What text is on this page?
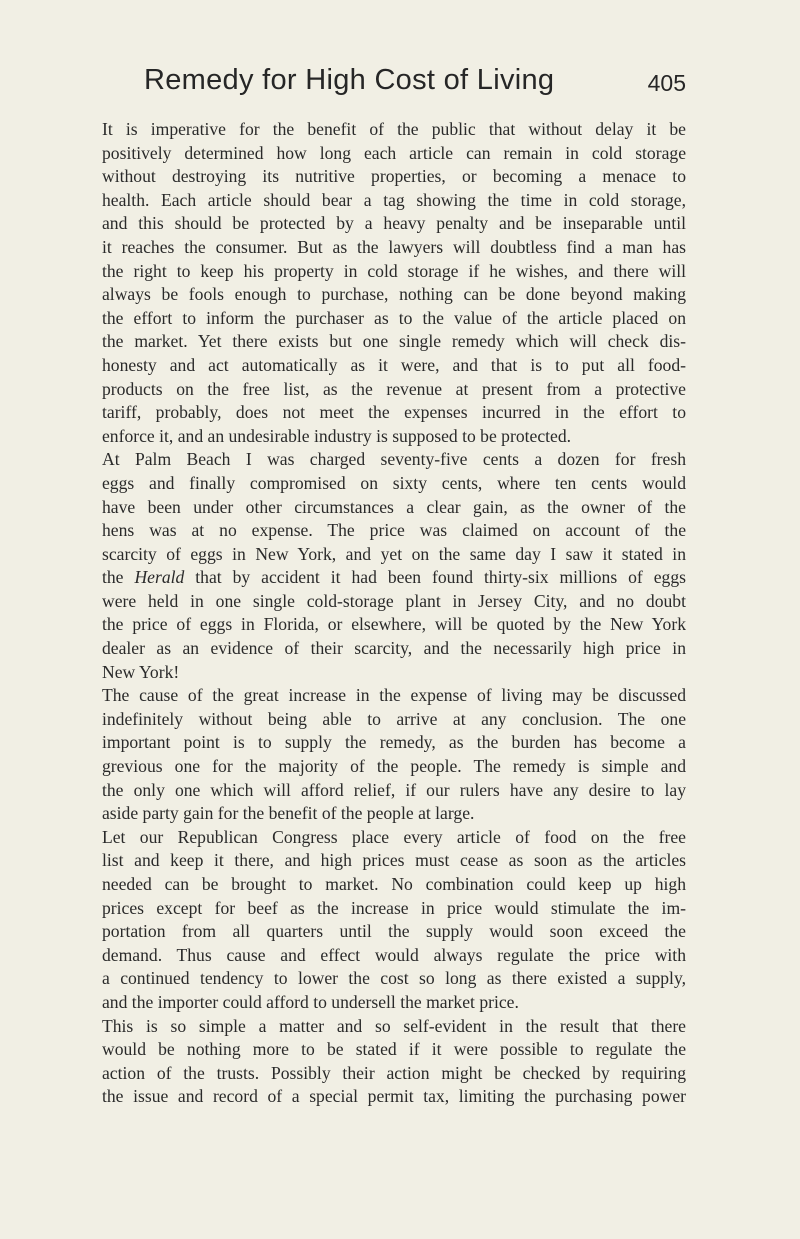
Remedy for High Cost of Living	405
It is imperative for the benefit of the public that without delay it be
positively determined how long each article can remain in cold storage
without destroying its nutritive properties, or becoming a menace to
health. Each article should bear a tag showing the time in cold storage,
and this should be protected by a heavy penalty and be inseparable until
it reaches the consumer. But as the lawyers will doubtless find a man has
the right to keep his property in cold storage if he wishes, and there will
always be fools enough to purchase, nothing can be done beyond making
the effort to inform the purchaser as to the value of the article placed on
the market. Yet there exists but one single remedy which will check dis-
honesty and act automatically as it were, and that is to put all food-
products on the free list, as the revenue at present from a protective
tariff, probably, does not meet the expenses incurred in the effort to
enforce it, and an undesirable industry is supposed to be protected.
At Palm Beach I was charged seventy-five cents a dozen for fresh
eggs and finally compromised on sixty cents, where ten cents would
have been under other circumstances a clear gain, as the owner of the
hens was at no expense. The price was claimed on account of the
scarcity of eggs in New York, and yet on the same day I saw it stated in
the Herald that by accident it had been found thirty-six millions of eggs
were held in one single cold-storage plant in Jersey City, and no doubt
the price of eggs in Florida, or elsewhere, will be quoted by the New York
dealer as an evidence of their scarcity, and the necessarily high price in
New York!
The cause of the great increase in the expense of living may be discussed
indefinitely without being able to arrive at any conclusion. The one
important point is to supply the remedy, as the burden has become a
grevious one for the majority of the people. The remedy is simple and
the only one which will afford relief, if our rulers have any desire to lay
aside party gain for the benefit of the people at large.
Let our Republican Congress place every article of food on the free
list and keep it there, and high prices must cease as soon as the articles
needed can be brought to market. No combination could keep up high
prices except for beef as the increase in price would stimulate the im-
portation from all quarters until the supply would soon exceed the
demand. Thus cause and effect would always regulate the price with
a continued tendency to lower the cost so long as there existed a supply,
and the importer could afford to undersell the market price.
This is so simple a matter and so self-evident in the result that there
would be nothing more to be stated if it were possible to regulate the
action of the trusts. Possibly their action might be checked by requiring
the issue and record of a special permit tax, limiting the purchasing power
